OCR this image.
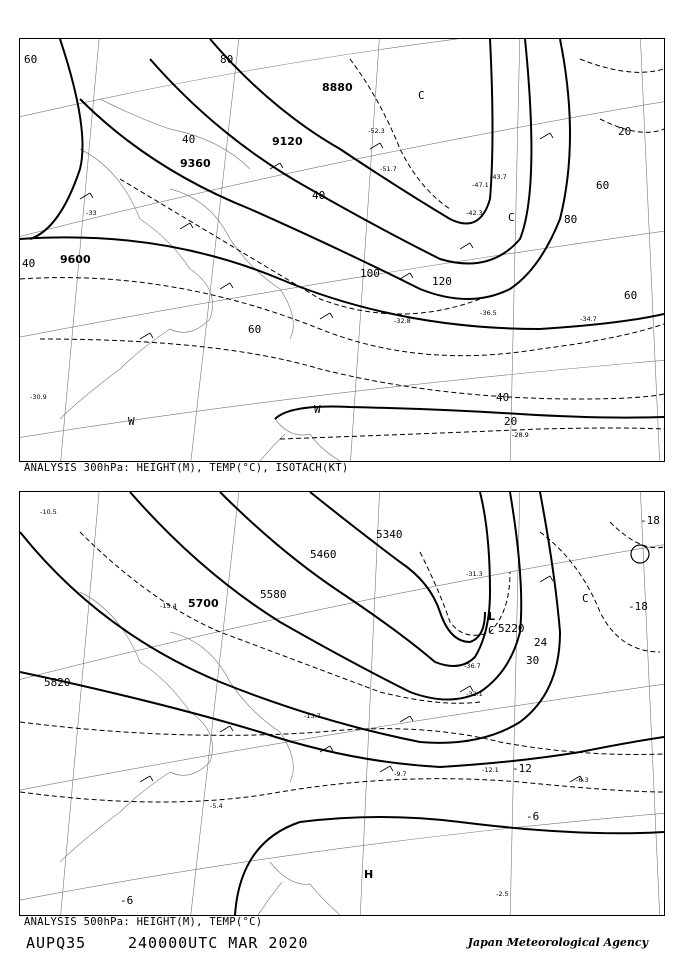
9600
9360
9120
8880
60
40
60
40
80
100
120
40
20
60
60
80
20
40
W
W
C
C
-33
-36.5
-42.3
-47.1
-43.7
-52.3
-51.7
-34.7
-32.8
-30.9
-28.9
ANALYSIS 300hPa: HEIGHT(M), TEMP(°C), ISOTACH(KT)
5820
5700
5580
5460
5340
5220
-6
-12
-18
-18
-6
24
30
L
C
C
H
-31.3
-36.7
-32.1
-12.1
-6.3
-5.4
-2.5
-10.5
-15.4
-13.7
-9.7
ANALYSIS 500hPa: HEIGHT(M), TEMP(°C)
AUPQ35	240000UTC MAR 2020	Japan Meteorological Agency
